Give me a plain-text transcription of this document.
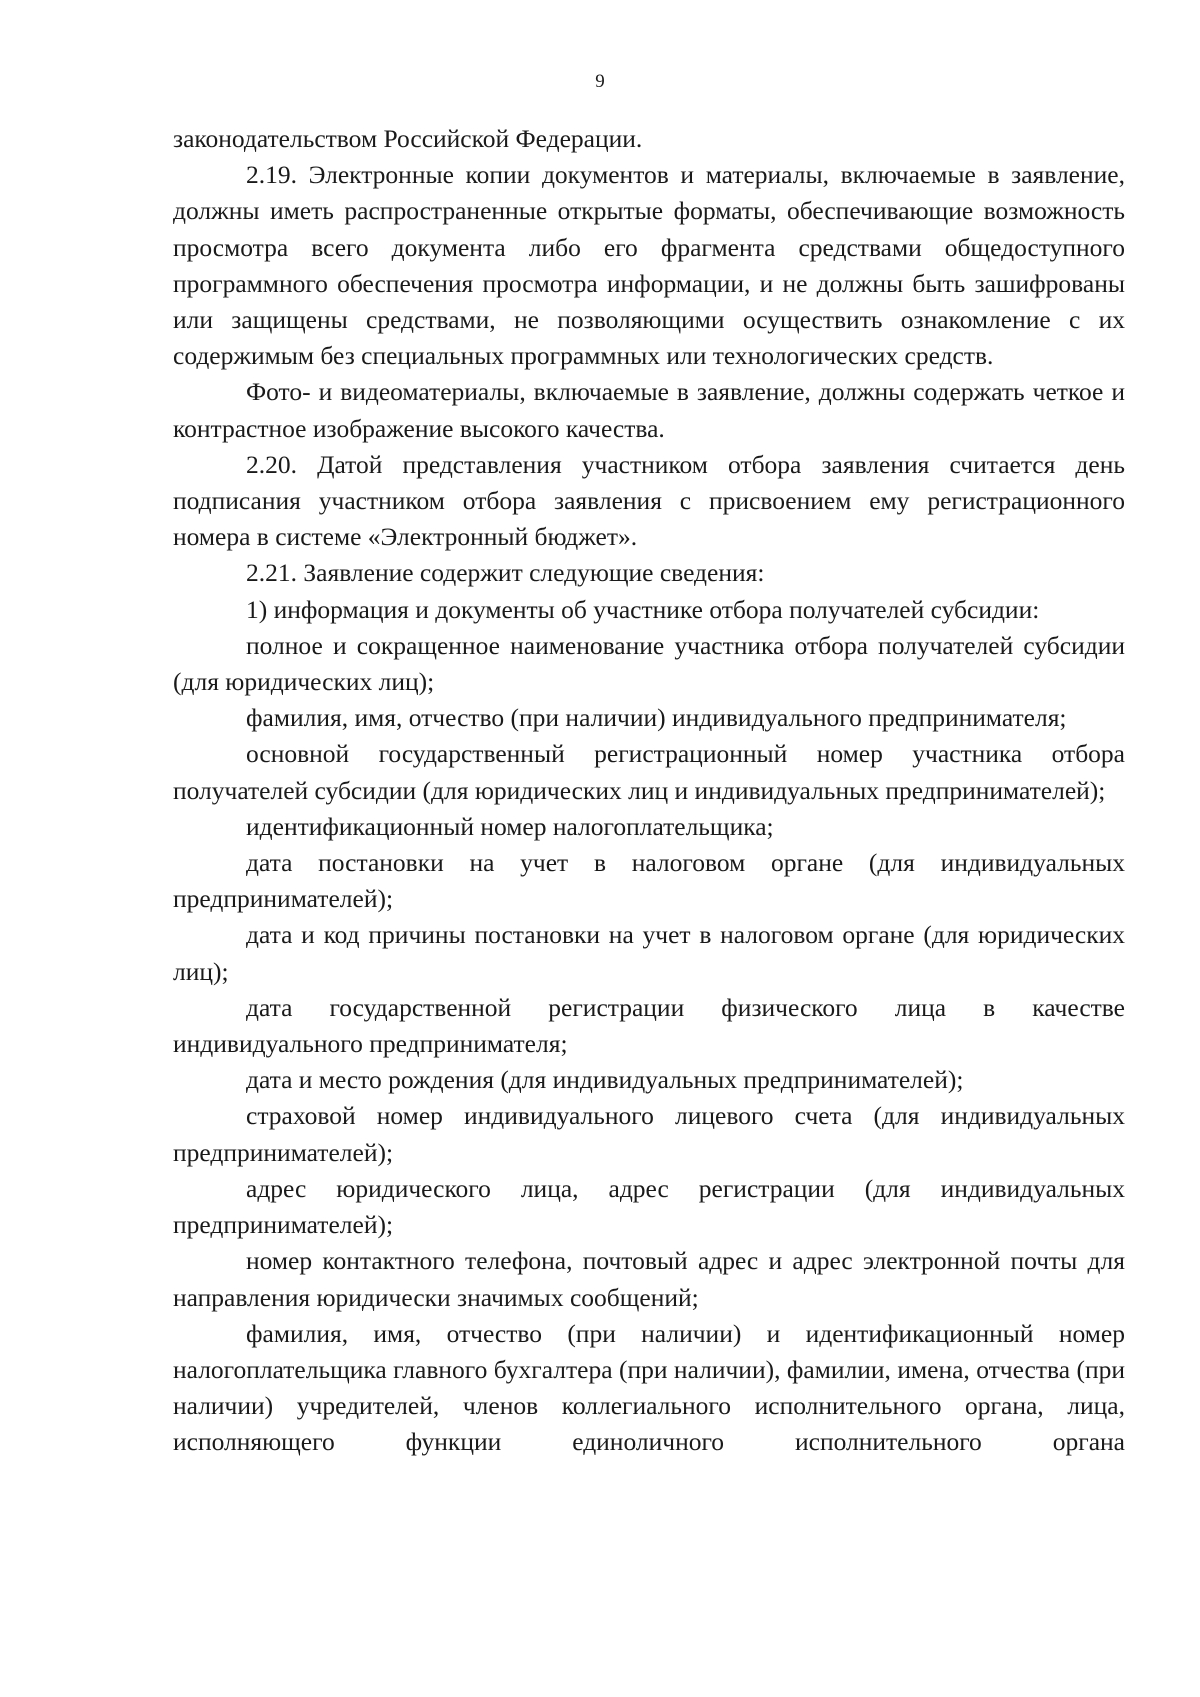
9

законодательством Российской Федерации.

2.19. Электронные копии документов и материалы, включаемые в заявление, должны иметь распространенные открытые форматы, обеспечивающие возможность просмотра всего документа либо его фрагмента средствами общедоступного программного обеспечения просмотра информации, и не должны быть зашифрованы или защищены средствами, не позволяющими осуществить ознакомление с их содержимым без специальных программных или технологических средств.

Фото- и видеоматериалы, включаемые в заявление, должны содержать четкое и контрастное изображение высокого качества.

2.20. Датой представления участником отбора заявления считается день подписания участником отбора заявления с присвоением ему регистрационного номера в системе «Электронный бюджет».

2.21. Заявление содержит следующие сведения:

1) информация и документы об участнике отбора получателей субсидии:

полное и сокращенное наименование участника отбора получателей субсидии (для юридических лиц);

фамилия, имя, отчество (при наличии) индивидуального предпринимателя;

основной государственный регистрационный номер участника отбора получателей субсидии (для юридических лиц и индивидуальных предпринимателей);

идентификационный номер налогоплательщика;

дата постановки на учет в налоговом органе (для индивидуальных предпринимателей);

дата и код причины постановки на учет в налоговом органе (для юридических лиц);

дата государственной регистрации физического лица в качестве индивидуального предпринимателя;

дата и место рождения (для индивидуальных предпринимателей);

страховой номер индивидуального лицевого счета (для индивидуальных предпринимателей);

адрес юридического лица, адрес регистрации (для индивидуальных предпринимателей);

номер контактного телефона, почтовый адрес и адрес электронной почты для направления юридически значимых сообщений;

фамилия, имя, отчество (при наличии) и идентификационный номер налогоплательщика главного бухгалтера (при наличии), фамилии, имена, отчества (при наличии) учредителей, членов коллегиального исполнительного органа, лица, исполняющего функции единоличного исполнительного органа
